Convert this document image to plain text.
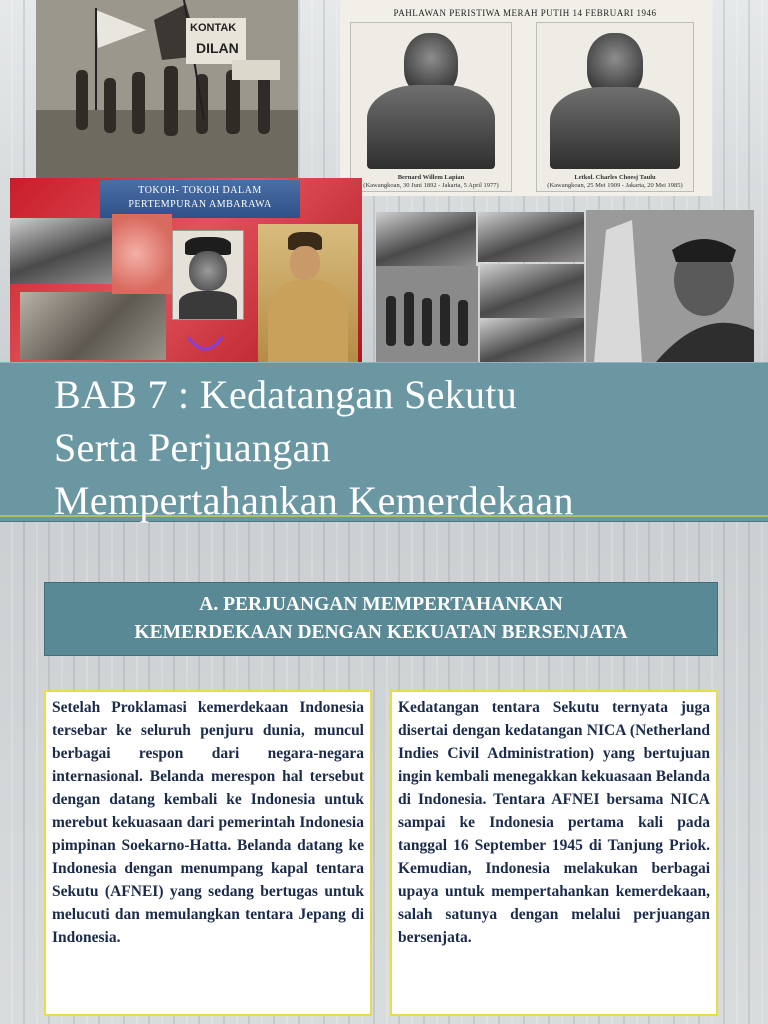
KONTAK
DILAN
PAHLAWAN PERISTIWA MERAH PUTIH 14 FEBRUARI 1946
Bernard Willem Lapian
(Kawangkoan, 30 Juni 1892 - Jakarta, 5 April 1977)
Letkol. Charles Choesj Taulu
(Kawangkoan, 25 Mei 1909 - Jakarta, 20 Mei 1985)
TOKOH- TOKOH DALAM
PERTEMPURAN AMBARAWA
BAB 7 : Kedatangan Sekutu
Serta Perjuangan
Mempertahankan Kemerdekaan
A. PERJUANGAN MEMPERTAHANKAN
KEMERDEKAAN DENGAN KEKUATAN BERSENJATA
Setelah Proklamasi kemerdekaan Indonesia tersebar ke seluruh penjuru dunia, muncul berbagai respon dari negara-negara internasional. Belanda merespon hal tersebut dengan datang kembali ke Indonesia untuk merebut kekuasaan dari pemerintah Indonesia pimpinan Soekarno-Hatta. Belanda datang ke Indonesia dengan menumpang kapal tentara Sekutu (AFNEI) yang sedang bertugas untuk melucuti dan memulangkan tentara Jepang di Indonesia.
Kedatangan tentara Sekutu ternyata juga disertai dengan kedatangan NICA (Netherland Indies Civil Administration) yang bertujuan ingin kembali menegakkan kekuasaan Belanda di Indonesia. Tentara AFNEI bersama NICA sampai ke Indonesia pertama kali pada tanggal 16 September 1945 di Tanjung Priok. Kemudian, Indonesia melakukan berbagai upaya untuk mempertahankan kemerdekaan, salah satunya dengan melalui perjuangan bersenjata.
